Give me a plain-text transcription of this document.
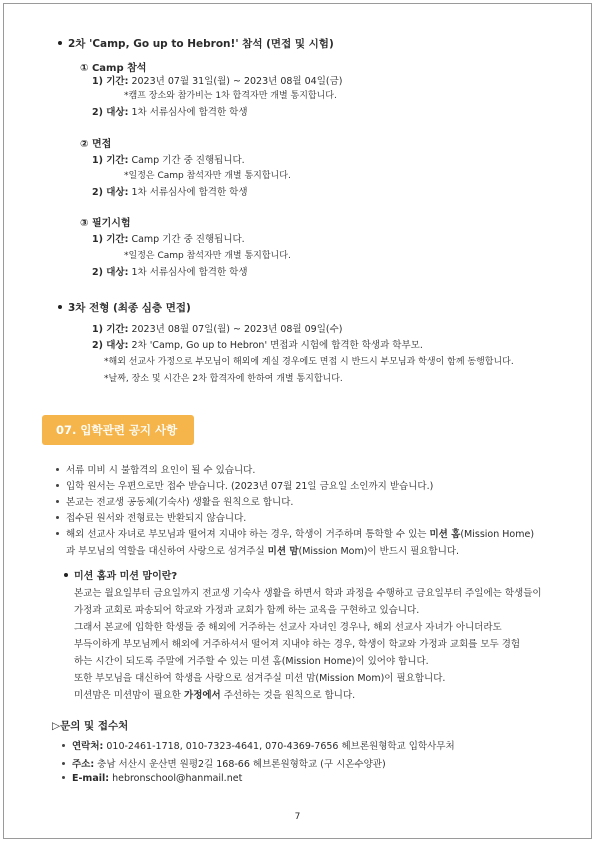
2차 'Camp, Go up to Hebron!' 참석 (면접 및 시험)
① Camp 참석
1) 기간: 2023년 07월 31일(월) ~ 2023년 08월 04일(금)
*캠프 장소와 참가비는 1차 합격자만 개별 통지합니다.
2) 대상: 1차 서류심사에 합격한 학생
② 면접
1) 기간: Camp 기간 중 진행됩니다.
*일정은 Camp 참석자만 개별 통지합니다.
2) 대상: 1차 서류심사에 합격한 학생
③ 필기시험
1) 기간: Camp 기간 중 진행됩니다.
*일정은 Camp 참석자만 개별 통지합니다.
2) 대상: 1차 서류심사에 합격한 학생
3차 전형 (최종 심층 면접)
1) 기간: 2023년 08월 07일(월) ~ 2023년 08월 09일(수)
2) 대상: 2차 'Camp, Go up to Hebron' 면접과 시험에 합격한 학생과 학부모.
*해외 선교사 가정으로 부모님이 해외에 계실 경우에도 면접 시 반드시 부모님과 학생이 함께 동행합니다.
*날짜, 장소 및 시간은 2차 합격자에 한하여 개별 통지합니다.
07. 입학관련 공지 사항
서류 미비 시 불합격의 요인이 될 수 있습니다.
입학 원서는 우편으로만 접수 받습니다. (2023년 07월 21일 금요일 소인까지 받습니다.)
본교는 전교생 공동체(기숙사) 생활을 원칙으로 합니다.
접수된 원서와 전형료는 반환되지 않습니다.
해외 선교사 자녀로 부모님과 떨어져 지내야 하는 경우, 학생이 거주하며 통학할 수 있는 미션 홈(Mission Home)
과 부모님의 역할을 대신하여 사랑으로 섬겨주실 미션 맘(Mission Mom)이 반드시 필요합니다.
미션 홈과 미션 맘이란?
본교는 월요일부터 금요일까지 전교생 기숙사 생활을 하면서 학과 과정을 수행하고 금요일부터 주일에는 학생들이
가정과 교회로 파송되어 학교와 가정과 교회가 함께 하는 교육을 구현하고 있습니다.
그래서 본교에 입학한 학생들 중 해외에 거주하는 선교사 자녀인 경우나, 해외 선교사 자녀가 아니더라도
부득이하게 부모님께서 해외에 거주하셔서 떨어져 지내야 하는 경우, 학생이 학교와 가정과 교회를 모두 경험
하는 시간이 되도록 주말에 거주할 수 있는 미션 홈(Mission Home)이 있어야 합니다.
또한 부모님을 대신하여 학생을 사랑으로 섬겨주실 미션 맘(Mission Mom)이 필요합니다.
미션맘은 미션맘이 필요한 가정에서 주선하는 것을 원칙으로 합니다.
▷문의 및 접수처
연락처: 010-2461-1718, 010-7323-4641, 070-4369-7656 헤브론원형학교 입학사무처
주소: 충남 서산시 운산면 원평2길 168-66 헤브론원형학교 (구 시온수양관)
E-mail: hebronschool@hanmail.net
7
